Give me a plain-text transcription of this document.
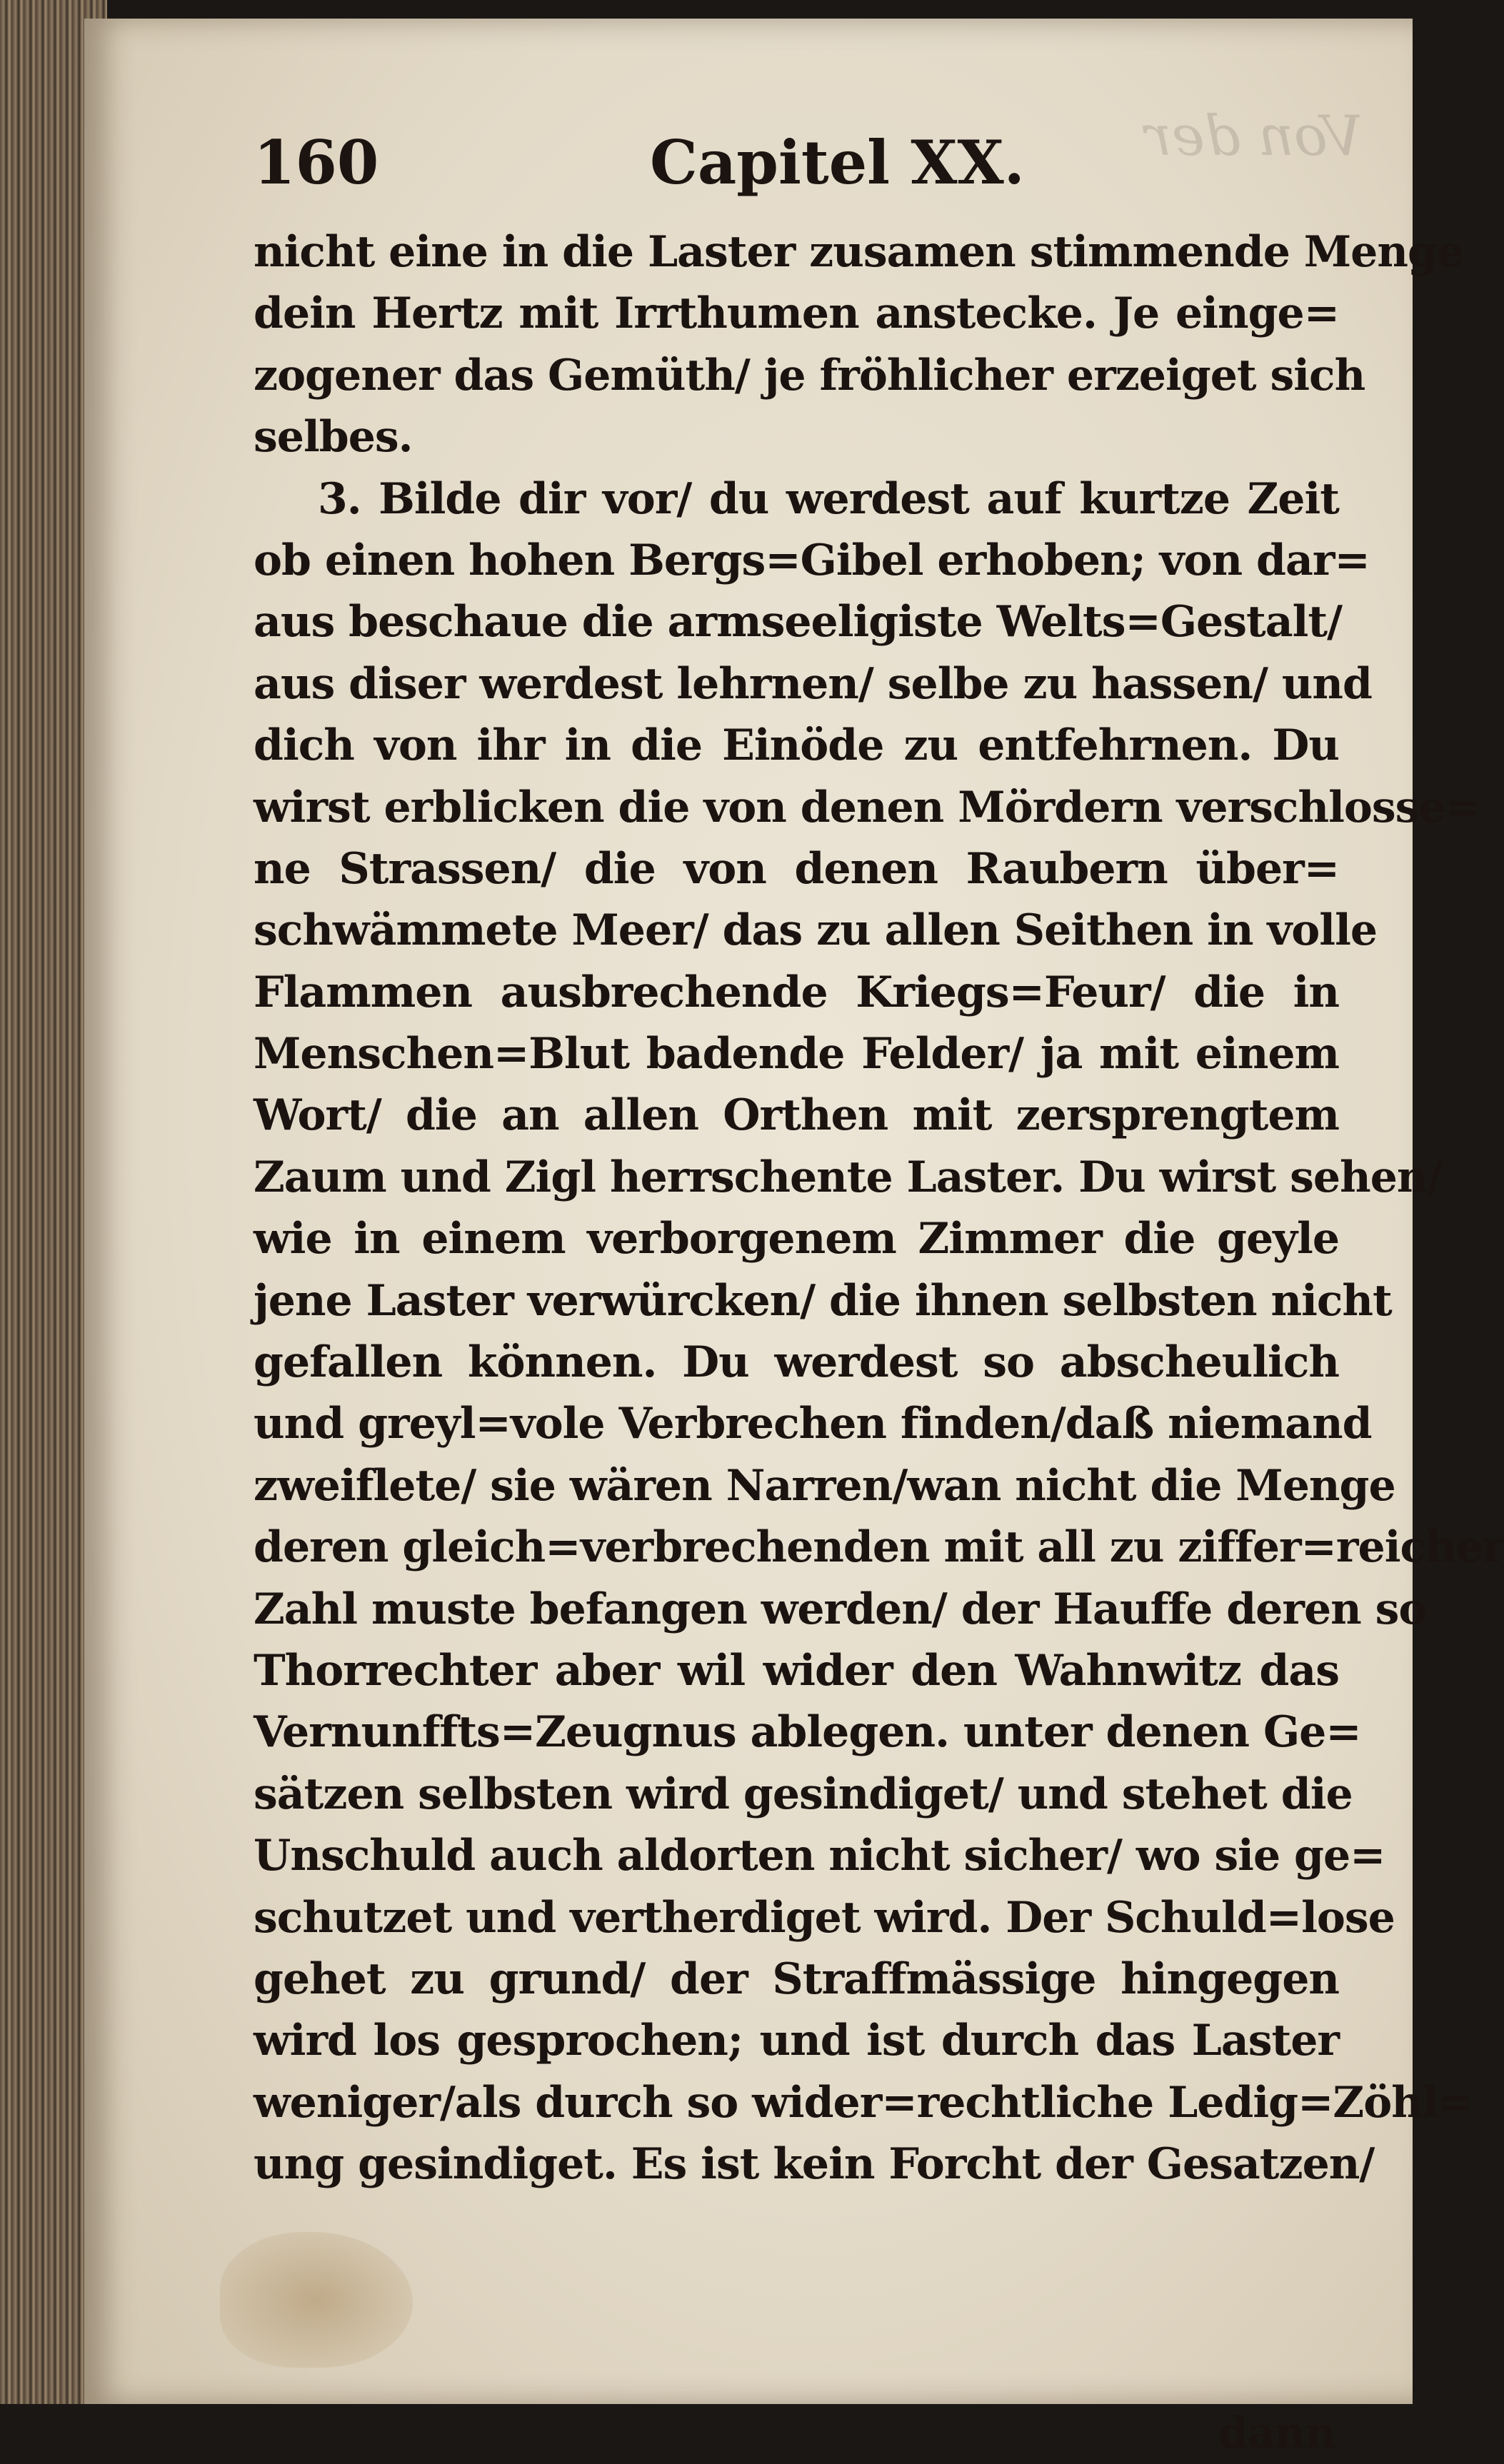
Von der
160	Capitel XX.
nicht eine in die Laster zusamen stimmende Menge
dein Hertz mit Irrthumen anstecke. Je einge=
zogener das Gemüth/ je fröhlicher erzeiget sich
selbes.
3. Bilde dir vor/ du werdest auf kurtze Zeit
ob einen hohen Bergs=Gibel erhoben; von dar=
aus beschaue die armseeligiste Welts=Gestalt/
aus diser werdest lehrnen/ selbe zu hassen/ und
dich von ihr in die Einöde zu entfehrnen. Du
wirst erblicken die von denen Mördern verschlosse=
ne Strassen/ die von denen Raubern über=
schwämmete Meer/ das zu allen Seithen in volle
Flammen ausbrechende Kriegs=Feur/ die in
Menschen=Blut badende Felder/ ja mit einem
Wort/ die an allen Orthen mit zersprengtem
Zaum und Zigl herrschente Laster. Du wirst sehen/
wie in einem verborgenem Zimmer die geyle
jene Laster verwürcken/ die ihnen selbsten nicht
gefallen können. Du werdest so abscheulich
und greyl=vole Verbrechen finden/daß niemand
zweiflete/ sie wären Narren/wan nicht die Menge
deren gleich=verbrechenden mit all zu ziffer=reicher
Zahl muste befangen werden/ der Hauffe deren so
Thorrechter aber wil wider den Wahnwitz das
Vernunffts=Zeugnus ablegen. unter denen Ge=
sätzen selbsten wird gesindiget/ und stehet die
Unschuld auch aldorten nicht sicher/ wo sie ge=
schutzet und vertherdiget wird. Der Schuld=lose
gehet zu grund/ der Straffmässige hingegen
wird los gesprochen; und ist durch das Laster
weniger/als durch so wider=rechtliche Ledig=Zöhl=
ung gesindiget. Es ist kein Forcht der Gesatzen/
dann
